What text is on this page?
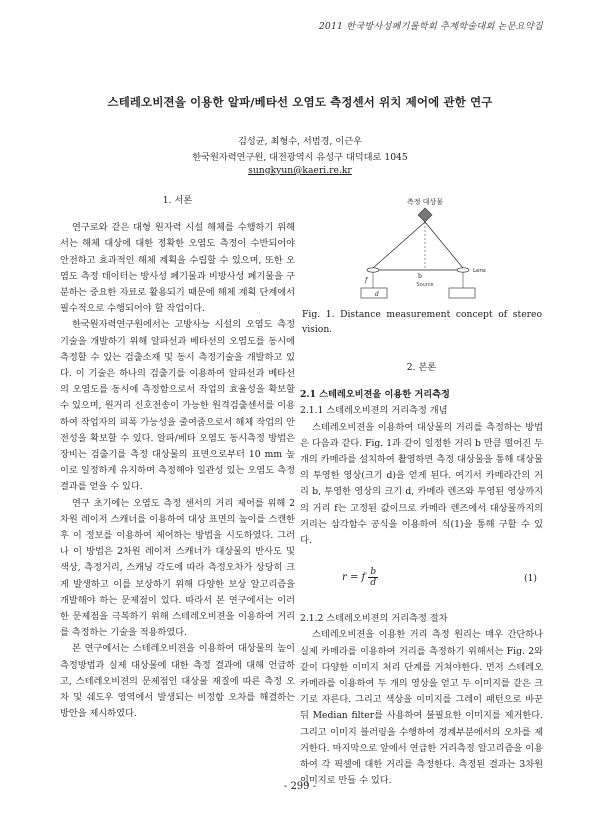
2011 한국방사성폐기물학회 추계학술대회 논문요약집
스테레오비젼을 이용한 알파/베타선 오염도 측정센서 위치 제어에 관한 연구
김성균, 최형수, 서범경, 이근우
한국원자력연구원, 대전광역시 유성구 대덕대로 1045
sungkyun@kaeri.re.kr

1. 서론

연구로와 같은 대형 원자력 시설 해체를 수행하기 위해서는 해체 대상에 대한 정확한 오염도 측정이 수반되어야 안전하고 효과적인 해체 계획을 수립할 수 있으며, 또한 오염도 측정 데이터는 방사성 폐기물과 비방사성 폐기물을 구분하는 중요한 자료로 활용되기 때문에 해체 계획 단계에서 필수적으로 수행되어야 할 작업이다.

한국원자력연구원에서는 고방사능 시설의 오염도 측정 기술을 개발하기 위해 알파선과 베타선의 오염도를 동시에 측정할 수 있는 검출소재 및 동시 측정기술을 개발하고 있다. 이 기술은 하나의 검출기를 이용하여 알파선과 베타선의 오염도를 동시에 측정함으로서 작업의 효율성을 확보할 수 있으며, 원거리 신호전송이 가능한 원격검출센서를 이용하여 작업자의 피폭 가능성을 줄여줌으로서 해체 작업의 안전성을 확보할 수 있다. 알파/베타 오염도 동시측정 방법은 장비는 검출기를 측정 대상물의 표면으로부터 10 mm 높이로 일정하게 유지하며 측정해야 일관성 있는 오염도 측정 결과를 얻을 수 있다.

연구 초기에는 오염도 측정 센서의 거리 제어를 위해 2차원 레이저 스캐너를 이용하여 대상 표면의 높이를 스캔한 후 이 정보를 이용하여 제어하는 방법을 시도하였다. 그러나 이 방법은 2차원 레이저 스캐너가 대상물의 반사도 및 색상, 측정거리, 스캐닝 각도에 따라 측정오차가 상당히 크게 발생하고 이를 보상하기 위해 다양한 보상 알고리즘을 개발해야 하는 문제점이 있다. 따라서 본 연구에서는 이러한 문제점을 극복하기 위해 스테레오비젼을 이용하여 거리를 측정하는 기술을 적용하였다.

본 연구에서는 스테레오비젼을 이용하여 대상물의 높이 측정방법과 실제 대상물에 대한 측정 결과에 대해 언급하고, 스테레오비젼의 문제점인 대상물 재질에 따른 측정 오차 및 쉐도우 영역에서 발생되는 비정함 오차를 해결하는 방안을 제시하였다.

측정 대상물
Lens
b
Source
f
d
Fig. 1. Distance measurement concept of stereo vision.

2. 본론

2.1 스테레오비젼을 이용한 거리측정

2.1.1 스테레오비젼의 거리측정 개념

스테레오비젼을 이용하여 대상물의 거리를 측정하는 방법은 다음과 같다. Fig. 1과 같이 일정한 거리 b 만큼 떨어진 두 개의 카메라를 설치하여 촬영하면 측정 대상물을 통해 대상물의 투영한 영상(크기 d)을 얻게 된다. 여기서 카메라간의 거리 b, 투영한 영상의 크기 d, 카메라 렌즈와 투영된 영상까지의 거리 f는 고정된 값이므로 카메라 렌즈에서 대상물까지의 거리는 삼각함수 공식을 이용하여 식(1)을 통해 구할 수 있다.

r = f $\frac{b}{d}$	(1)

2.1.2 스테레오비젼의 거리측정 절차

스테레오비젼을 이용한 거리 측정 원리는 매우 간단하나 실제 카메라를 이용하여 거리를 측정하기 위해서는 Fig. 2와 같이 다양한 이미지 처리 단계를 거쳐야한다. 먼저 스테레오카메라를 이용하여 두 개의 영상을 얻고 두 이미지를 같은 크기로 자른다. 그리고 색상을 이미지를 그레이 패턴으로 바꾼 뒤 Median filter를 사용하여 불필요한 이미지를 제거한다. 그리고 이미지 블러링을 수행하여 경계부분에서의 오차를 제거한다. 마지막으로 앞에서 연급한 거리측정 알고리즘을 이용하여 각 픽셀에 대한 거리를 측정한다. 측정된 결과는 3차원 이미지로 만들 수 있다.

- 299 -
